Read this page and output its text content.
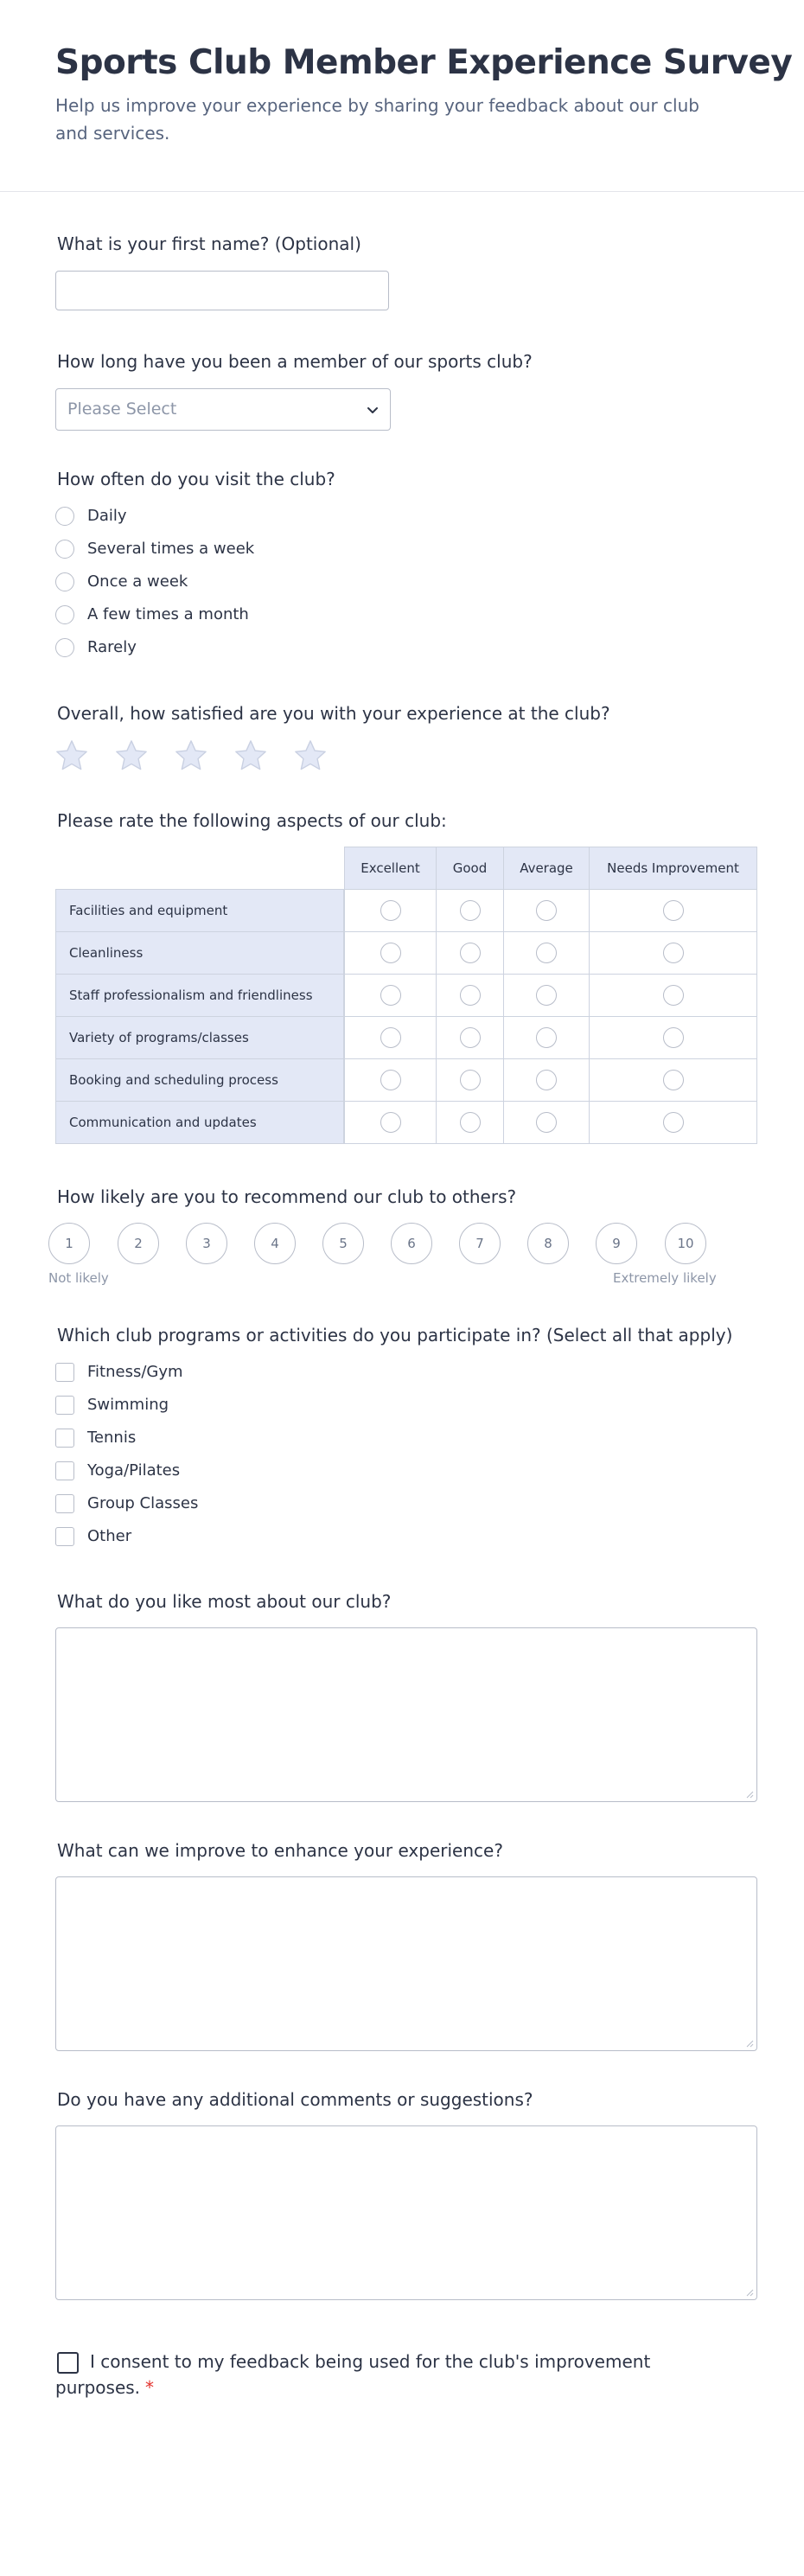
Sports Club Member Experience Survey

Help us improve your experience by sharing your feedback about our club and services.

What is your first name? (Optional)
How long have you been a member of our sports club?
Please Select
How often do you visit the club?
Daily
Several times a week
Once a week
A few times a month
Rarely
Overall, how satisfied are you with your experience at the club?
Please rate the following aspects of our club:
Excellent	Good	Average	Needs Improvement
Facilities and equipment
Cleanliness
Staff professionalism and friendliness
Variety of programs/classes
Booking and scheduling process
Communication and updates
How likely are you to recommend our club to others?
1	2	3	4	5	6	7	8	9	10
Not likely	Extremely likely
Which club programs or activities do you participate in? (Select all that apply)
Fitness/Gym
Swimming
Tennis
Yoga/Pilates
Group Classes
Other
What do you like most about our club?
What can we improve to enhance your experience?
Do you have any additional comments or suggestions?
I consent to my feedback being used for the club's improvement purposes. *
